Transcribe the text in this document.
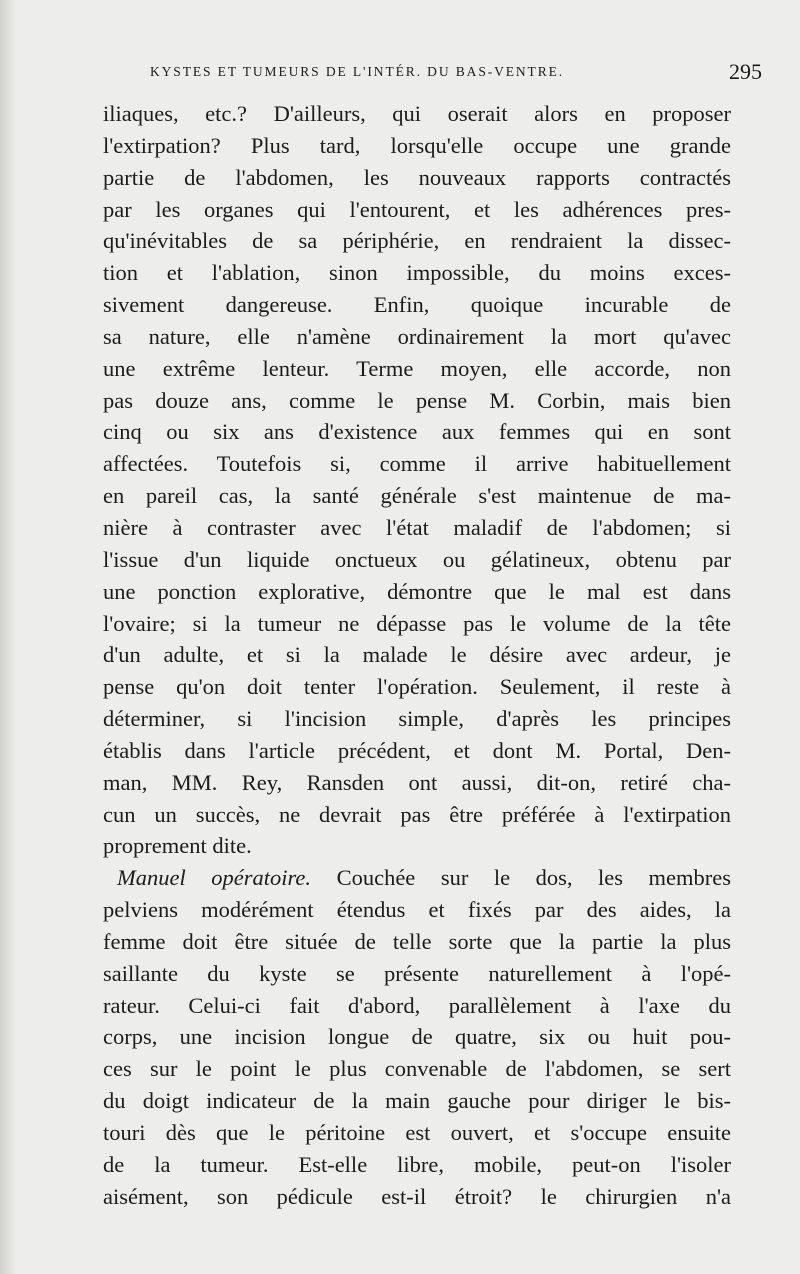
KYSTES ET TUMEURS DE L'INTÉR. DU BAS-VENTRE.	295
iliaques, etc.? D'ailleurs, qui oserait alors en proposer
l'extirpation? Plus tard, lorsqu'elle occupe une grande
partie de l'abdomen, les nouveaux rapports contractés
par les organes qui l'entourent, et les adhérences pres-
qu'inévitables de sa périphérie, en rendraient la dissec-
tion et l'ablation, sinon impossible, du moins exces-
sivement dangereuse. Enfin, quoique incurable de
sa nature, elle n'amène ordinairement la mort qu'avec
une extrême lenteur. Terme moyen, elle accorde, non
pas douze ans, comme le pense M. Corbin, mais bien
cinq ou six ans d'existence aux femmes qui en sont
affectées. Toutefois si, comme il arrive habituellement
en pareil cas, la santé générale s'est maintenue de ma-
nière à contraster avec l'état maladif de l'abdomen; si
l'issue d'un liquide onctueux ou gélatineux, obtenu par
une ponction explorative, démontre que le mal est dans
l'ovaire; si la tumeur ne dépasse pas le volume de la tête
d'un adulte, et si la malade le désire avec ardeur, je
pense qu'on doit tenter l'opération. Seulement, il reste à
déterminer, si l'incision simple, d'après les principes
établis dans l'article précédent, et dont M. Portal, Den-
man, MM. Rey, Ransden ont aussi, dit-on, retiré cha-
cun un succès, ne devrait pas être préférée à l'extirpation
proprement dite.
Manuel opératoire. Couchée sur le dos, les membres
pelviens modérément étendus et fixés par des aides, la
femme doit être située de telle sorte que la partie la plus
saillante du kyste se présente naturellement à l'opé-
rateur. Celui-ci fait d'abord, parallèlement à l'axe du
corps, une incision longue de quatre, six ou huit pou-
ces sur le point le plus convenable de l'abdomen, se sert
du doigt indicateur de la main gauche pour diriger le bis-
touri dès que le péritoine est ouvert, et s'occupe ensuite
de la tumeur. Est-elle libre, mobile, peut-on l'isoler
aisément, son pédicule est-il étroit? le chirurgien n'a
